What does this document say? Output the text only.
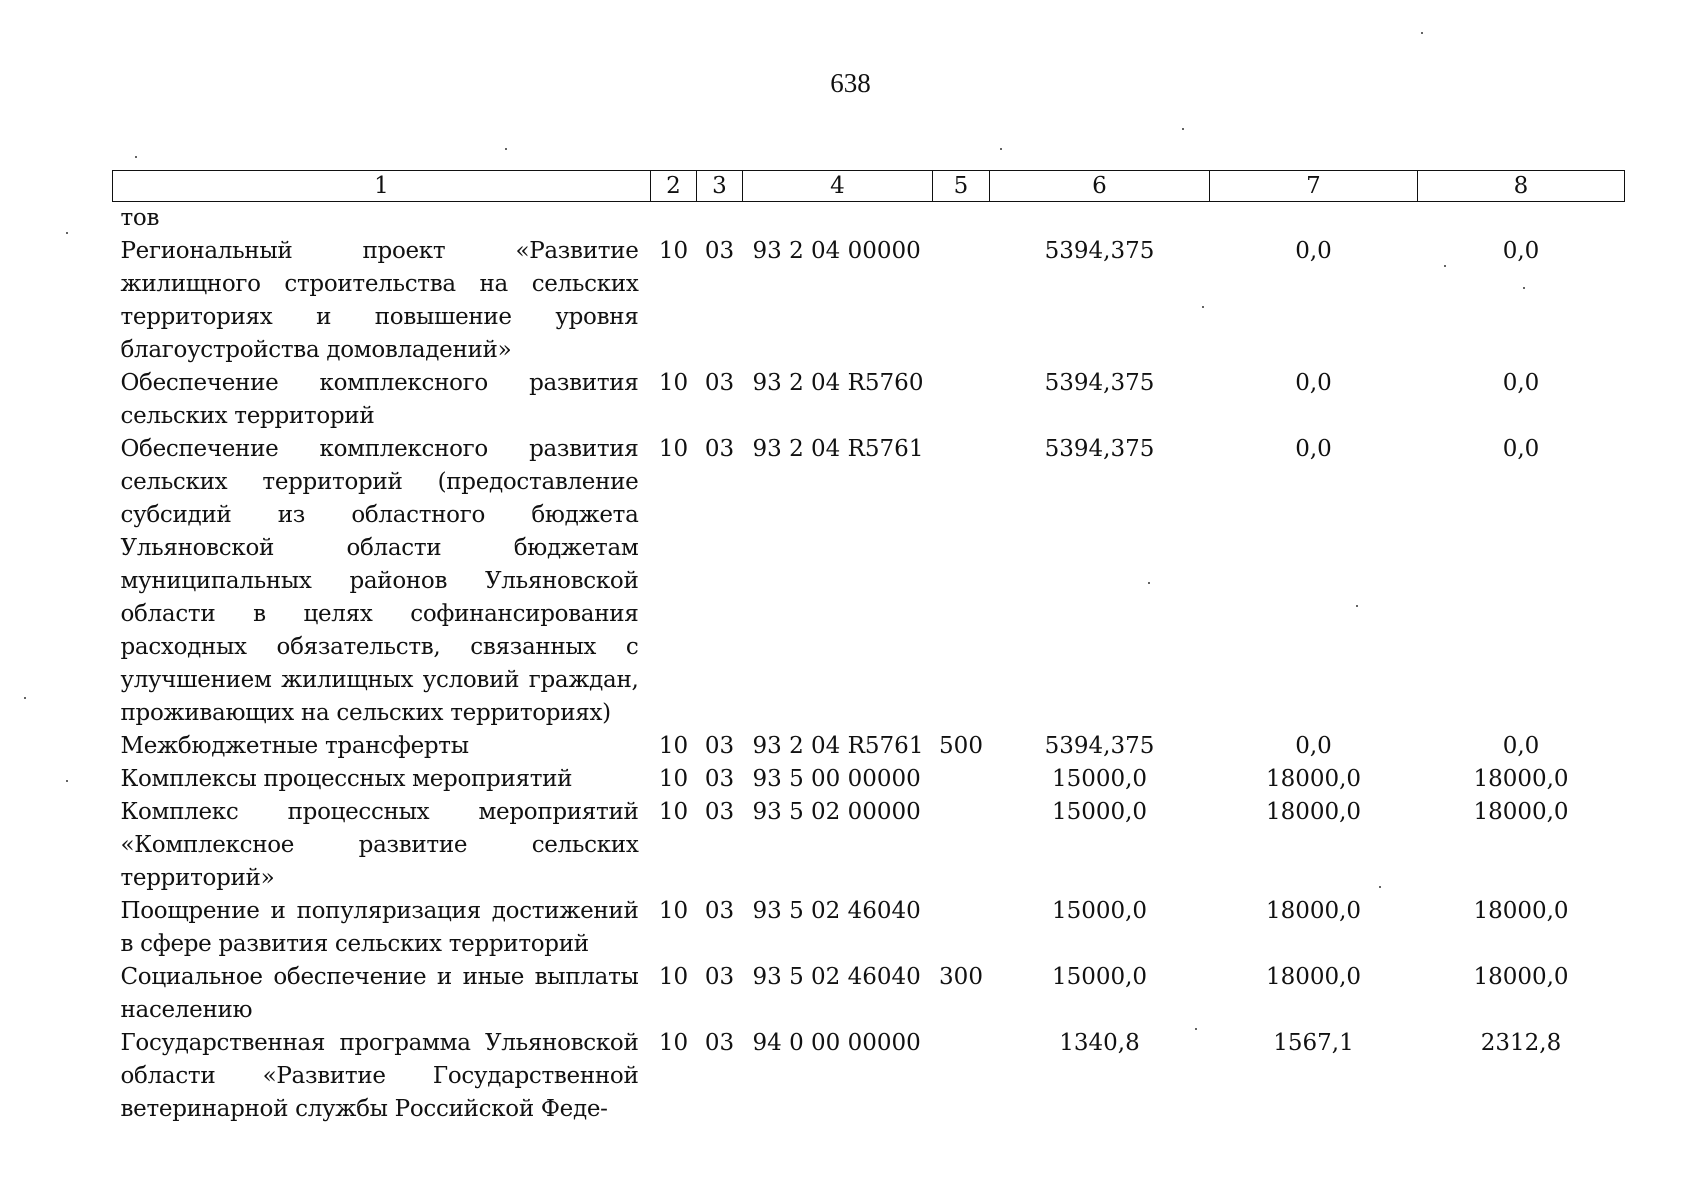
638
1	2	3	4	5	6	7	8
тов							
Региональный проект «Развитие жилищного строительства на сельских территориях и повышение уровня благоустройства домовладений»	10	03	93 2 04 00000		5394,375	0,0	0,0
Обеспечение комплексного развития сельских территорий	10	03	93 2 04 R5760		5394,375	0,0	0,0
Обеспечение комплексного развития сельских территорий (предоставление субсидий из областного бюджета Ульяновской области бюджетам муниципальных районов Ульяновской области в целях софинансирования расходных обязательств, связанных с улучшением жилищных условий граждан, проживающих на сельских территориях)	10	03	93 2 04 R5761		5394,375	0,0	0,0
Межбюджетные трансферты	10	03	93 2 04 R5761	500	5394,375	0,0	0,0
Комплексы процессных мероприятий	10	03	93 5 00 00000		15000,0	18000,0	18000,0
Комплекс процессных мероприятий «Комплексное развитие сельских территорий»	10	03	93 5 02 00000		15000,0	18000,0	18000,0
Поощрение и популяризация достижений в сфере развития сельских территорий	10	03	93 5 02 46040		15000,0	18000,0	18000,0
Социальное обеспечение и иные выплаты населению	10	03	93 5 02 46040	300	15000,0	18000,0	18000,0
Государственная программа Ульяновской области «Развитие Государственной ветеринарной службы Российской Феде-	10	03	94 0 00 00000		1340,8	1567,1	2312,8
